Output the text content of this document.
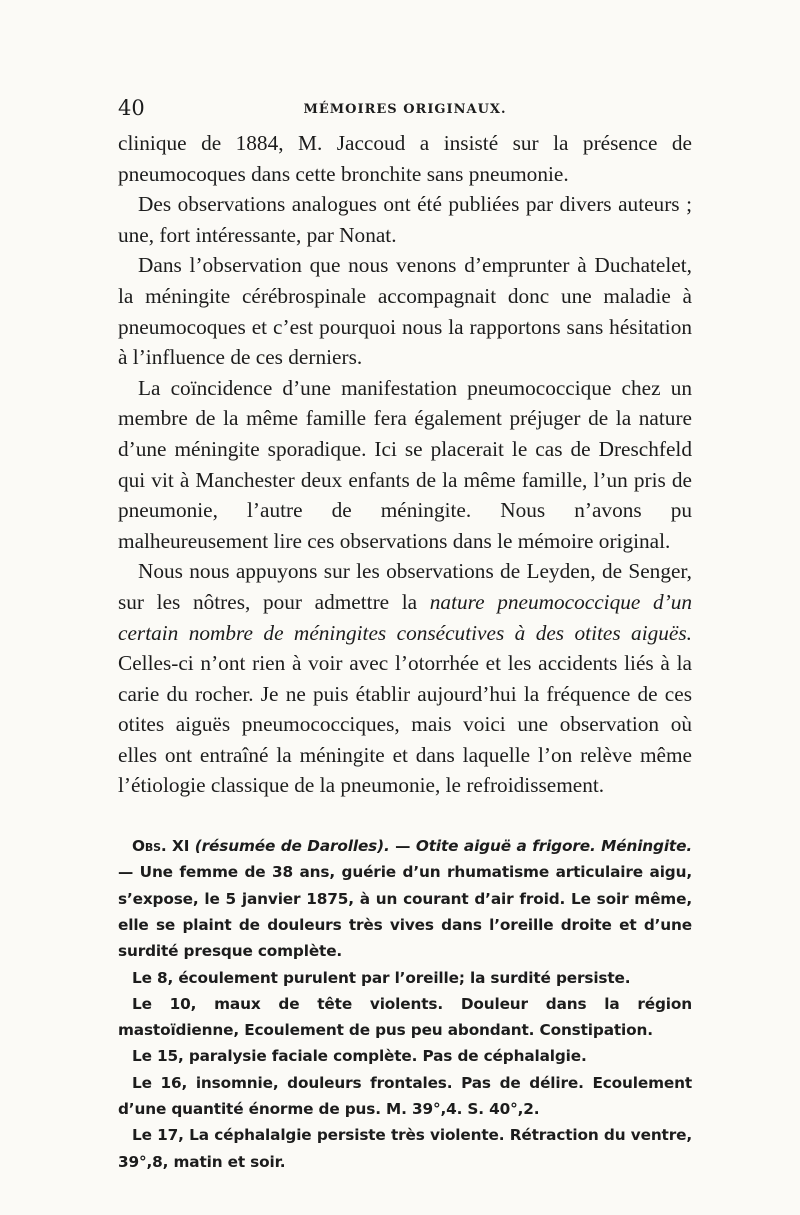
40	MÉMOIRES ORIGINAUX.

clinique de 1884, M. Jaccoud a insisté sur la présence de pneumocoques dans cette bronchite sans pneumonie.

Des observations analogues ont été publiées par divers auteurs ; une, fort intéressante, par Nonat.

Dans l’observation que nous venons d’emprunter à Duchatelet, la méningite cérébrospinale accompagnait donc une maladie à pneumocoques et c’est pourquoi nous la rapportons sans hésitation à l’influence de ces derniers.

La coïncidence d’une manifestation pneumococcique chez un membre de la même famille fera également préjuger de la nature d’une méningite sporadique. Ici se placerait le cas de Dreschfeld qui vit à Manchester deux enfants de la même famille, l’un pris de pneumonie, l’autre de méningite. Nous n’avons pu malheureusement lire ces observations dans le mémoire original.

Nous nous appuyons sur les observations de Leyden, de Senger, sur les nôtres, pour admettre la nature pneumococcique d’un certain nombre de méningites consécutives à des otites aiguës. Celles-ci n’ont rien à voir avec l’otorrhée et les accidents liés à la carie du rocher. Je ne puis établir aujourd’hui la fréquence de ces otites aiguës pneumococciques, mais voici une observation où elles ont entraîné la méningite et dans laquelle l’on relève même l’étiologie classique de la pneumonie, le refroidissement.

Obs. XI (résumée de Darolles). — Otite aiguë a frigore. Méningite. — Une femme de 38 ans, guérie d’un rhumatisme articulaire aigu, s’expose, le 5 janvier 1875, à un courant d’air froid. Le soir même, elle se plaint de douleurs très vives dans l’oreille droite et d’une surdité presque complète.

Le 8, écoulement purulent par l’oreille; la surdité persiste.

Le 10, maux de tête violents. Douleur dans la région mastoïdienne, Ecoulement de pus peu abondant. Constipation.

Le 15, paralysie faciale complète. Pas de céphalalgie.

Le 16, insomnie, douleurs frontales. Pas de délire. Ecoulement d’une quantité énorme de pus. M. 39°,4. S. 40°,2.

Le 17, La céphalalgie persiste très violente. Rétraction du ventre, 39°,8, matin et soir.
